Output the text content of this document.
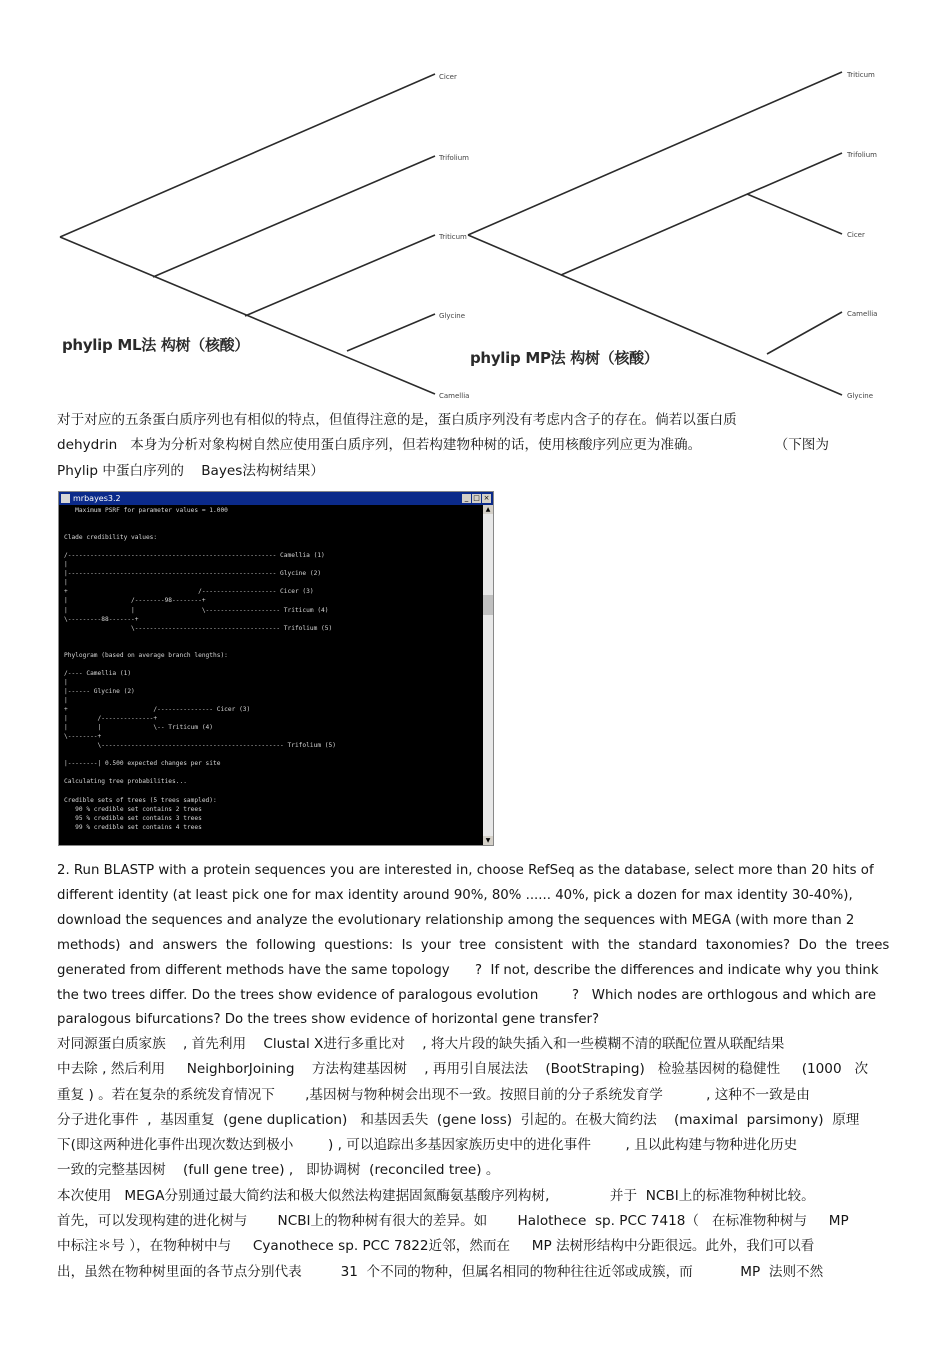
Cicer
Trifolium
Triticum
Glycine
Camellia
phylip ML法 构树（核酸）
Triticum
Trifolium
Cicer
Camellia
Glycine
phylip MP法 构树（核酸）
对于对应的五条蛋白质序列也有相似的特点，但值得注意的是，蛋白质序列没有考虑内含子的存在。倘若以蛋白质
dehydrin   本身为分析对象构树自然应使用蛋白质序列，但若构建物种树的话，使用核酸序列应更为准确。                 （下图为
Phylip 中蛋白序列的    Bayes法构树结果）
mrbayes3.2	_ □ ×
Maximum PSRF for parameter values = 1.000

Clade credibility values:

/-------------------------------------------------------- Camellia (1)
|
|-------------------------------------------------------- Glycine (2)
|
+                                   /-------------------- Cicer (3)
|                 /--------98--------+
|                 |                  \-------------------- Triticum (4)
\---------88-------+
\--------------------------------------- Trifolium (5)

Phylogram (based on average branch lengths):

/---- Camellia (1)
|
|------ Glycine (2)
|
+                       /--------------- Cicer (3)
|        /--------------+
|        |              \-- Triticum (4)
\--------+
\------------------------------------------------- Trifolium (5)

|--------| 0.500 expected changes per site

Calculating tree probabilities...

Credible sets of trees (5 trees sampled):
90 % credible set contains 2 trees
95 % credible set contains 3 trees
99 % credible set contains 4 trees
▲
▼
2. Run BLASTP with a protein sequences you are interested in, choose RefSeq as the database, select more than 20 hits of
different identity (at least pick one for max identity around 90%, 80% ...... 40%, pick a dozen for max identity 30-40%),
download the sequences and analyze the evolutionary relationship among the sequences with MEGA (with more than 2
methods)  and  answers  the  following  questions:  Is  your  tree  consistent  with  the  standard  taxonomies?  Do  the  trees
generated from different methods have the same topology      ?  If not, describe the differences and indicate why you think
the two trees differ. Do the trees show evidence of paralogous evolution        ?   Which nodes are orthlogous and which are
paralogous bifurcations? Do the trees show evidence of horizontal gene transfer?
对同源蛋白质家族    , 首先利用    Clustal X进行多重比对    , 将大片段的缺失插入和一些模糊不清的联配位置从联配结果
中去除 , 然后利用     NeighborJoining    方法构建基因树    , 再用引自展法法    (BootStraping)   检验基因树的稳健性     (1000   次
重复 ) 。若在复杂的系统发育情况下       ,基因树与物种树会出现不一致。按照目前的分子系统发育学          , 这种不一致是由
分子进化事件  ,  基因重复  (gene duplication)   和基因丢失  (gene loss)  引起的。在极大简约法    (maximal  parsimony)  原理
下(即这两种进化事件出现次数达到极小        ) , 可以追踪出多基因家族历史中的进化事件        , 且以此构建与物种进化历史
一致的完整基因树    (full gene tree) ,   即协调树  (reconciled tree) 。
本次使用   MEGA分别通过最大简约法和极大似然法构建据固氮酶氨基酸序列构树,              并于  NCBI上的标准物种树比较。
首先，可以发现构建的进化树与       NCBI上的物种树有很大的差异。如       Halothece  sp. PCC 7418（   在标准物种树与     MP
中标注＊号 ），在物种树中与     Cyanothece sp. PCC 7822近邻，然而在     MP 法树形结构中分距很远。此外，我们可以看
出，虽然在物种树里面的各节点分别代表         31  个不同的物种，但属名相同的物种往往近邻或成簇，而           MP  法则不然
